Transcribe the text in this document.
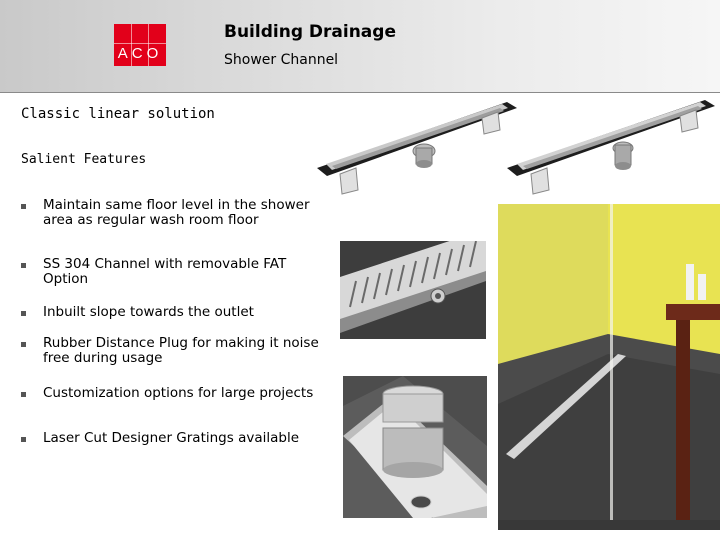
ACO
Building Drainage
Shower Channel
Classic linear solution
Salient Features
Maintain same floor level in the shower area as regular wash room floor
SS 304 Channel with removable FAT Option
Inbuilt slope towards the outlet
Rubber Distance Plug for making it noise free during usage
Customization options for large projects
Laser Cut Designer Gratings available
